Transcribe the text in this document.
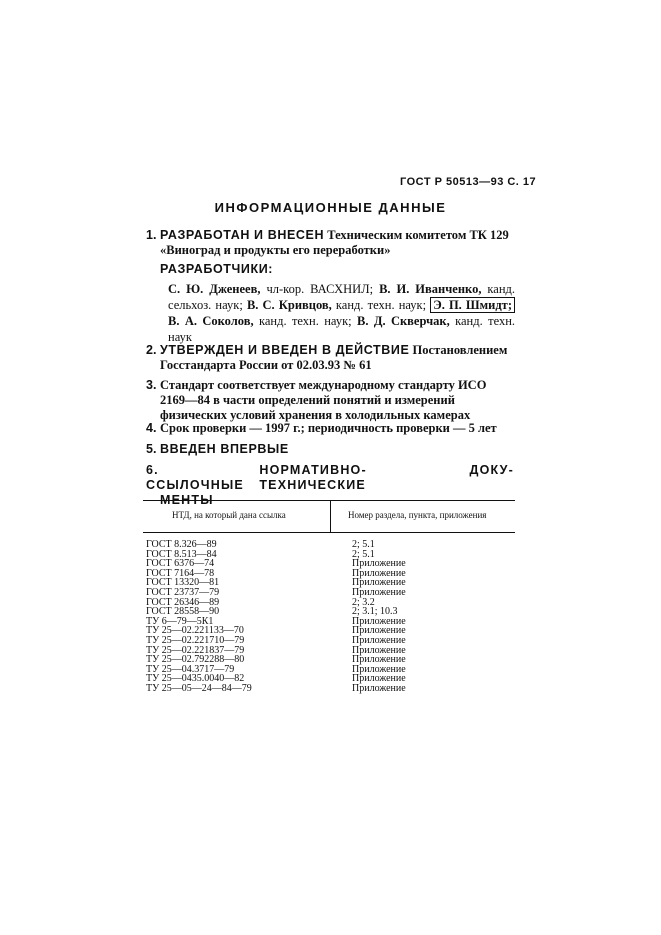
ГОСТ Р 50513—93 С. 17
ИНФОРМАЦИОННЫЕ ДАННЫЕ
1. РАЗРАБОТАН И ВНЕСЕН Техническим комитетом ТК 129 «Виноград и продукты его переработки»
РАЗРАБОТЧИКИ:
С. Ю. Дженеев, чл-кор. ВАСХНИЛ; В. И. Иванченко, канд. сельхоз. наук; В. С. Кривцов, канд. техн. наук; Э. П. Шмидт; В. А. Соколов, канд. техн. наук; В. Д. Скверчак, канд. техн. наук
2. УТВЕРЖДЕН И ВВЕДЕН В ДЕЙСТВИЕ Постановлением Госстандарта России от 02.03.93 № 61
3. Стандарт соответствует международному стандарту ИСО 2169—84 в части определений понятий и измерений физических условий хранения в холодильных камерах
4. Срок проверки — 1997 г.; периодичность проверки — 5 лет
5. ВВЕДЕН ВПЕРВЫЕ
6. ССЫЛОЧНЫЕ
НОРМАТИВНО-ТЕХНИЧЕСКИЕ
ДОКУ-
МЕНТЫ
НТД, на который дана ссылка	Номер раздела, пункта, приложения
ГОСТ 8.326—89	2; 5.1
ГОСТ 8.513—84	2; 5.1
ГОСТ 6376—74	Приложение
ГОСТ 7164—78	Приложение
ГОСТ 13320—81	Приложение
ГОСТ 23737—79	Приложение
ГОСТ 26346—89	2; 3.2
ГОСТ 28558—90	2; 3.1; 10.3
ТУ 6—79—5К1	Приложение
ТУ 25—02.221133—70	Приложение
ТУ 25—02.221710—79	Приложение
ТУ 25—02.221837—79	Приложение
ТУ 25—02.792288—80	Приложение
ТУ 25—04.3717—79	Приложение
ТУ 25—0435.0040—82	Приложение
ТУ 25—05—24—84—79	Приложение
